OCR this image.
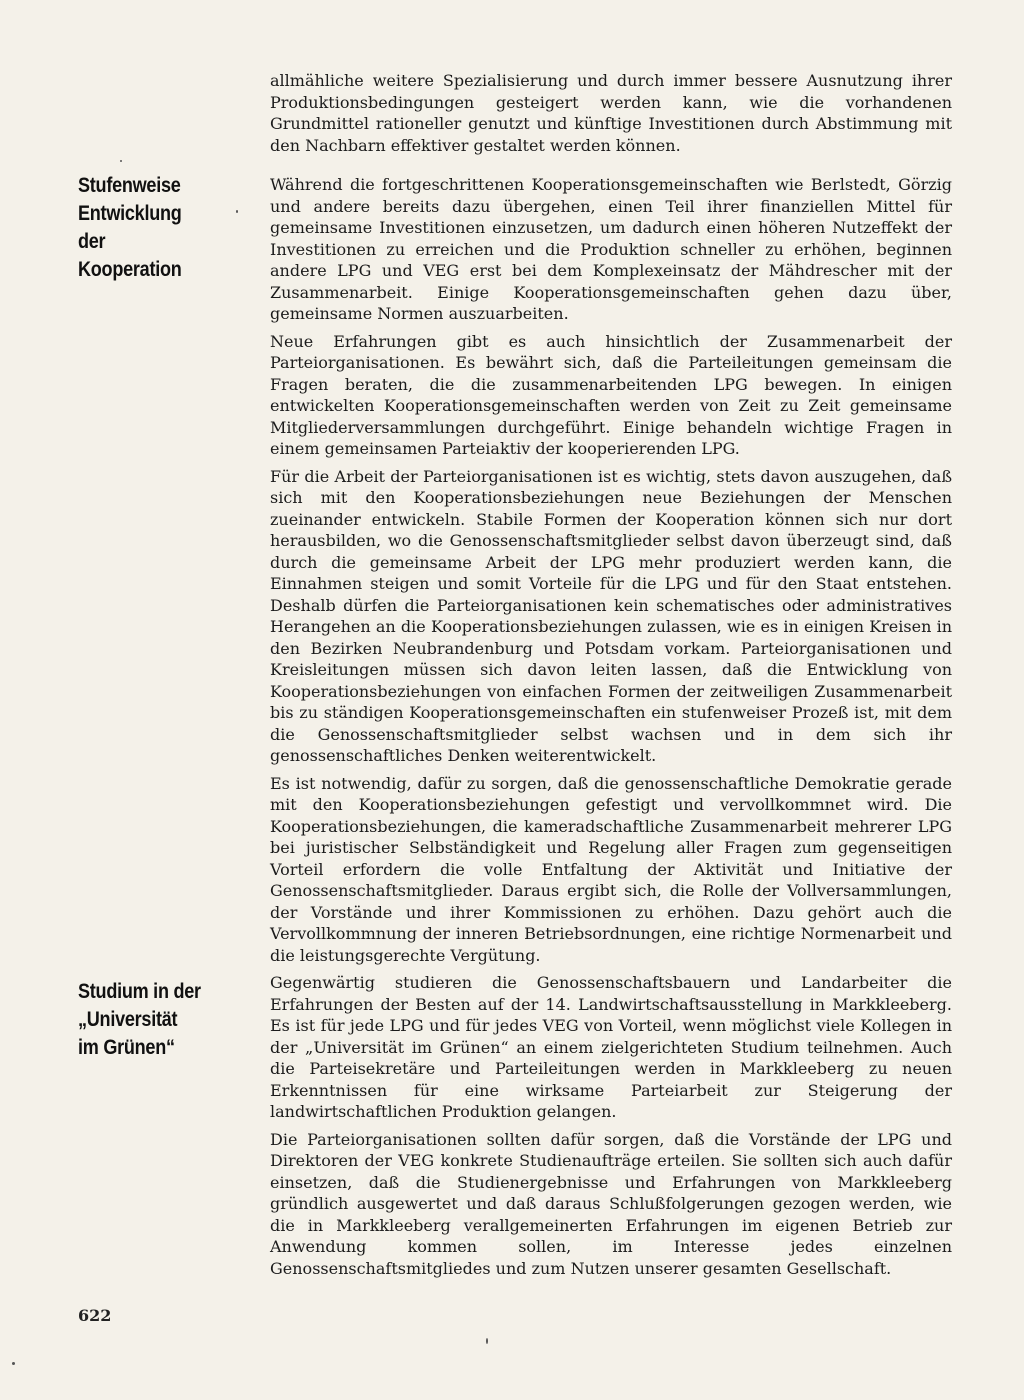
allmähliche weitere Spezialisierung und durch immer bessere Ausnutzung ihrer Produktionsbedingungen gesteigert werden kann, wie die vorhandenen Grundmittel rationeller genutzt und künftige Investitionen durch Abstimmung mit den Nachbarn effektiver gestaltet werden können.

Stufenweise
Entwicklung
der
Kooperation

Während die fortgeschrittenen Kooperationsgemeinschaften wie Berlstedt, Görzig und andere bereits dazu übergehen, einen Teil ihrer finanziellen Mittel für gemeinsame Investitionen einzusetzen, um dadurch einen höheren Nutzeffekt der Investitionen zu erreichen und die Produktion schneller zu erhöhen, beginnen andere LPG und VEG erst bei dem Komplexeinsatz der Mähdrescher mit der Zusammenarbeit. Einige Kooperationsgemeinschaften gehen dazu über, gemeinsame Normen auszuarbeiten.

Neue Erfahrungen gibt es auch hinsichtlich der Zusammenarbeit der Parteiorganisationen. Es bewährt sich, daß die Parteileitungen gemeinsam die Fragen beraten, die die zusammenarbeitenden LPG bewegen. In einigen entwickelten Kooperationsgemeinschaften werden von Zeit zu Zeit gemeinsame Mitgliederversammlungen durchgeführt. Einige behandeln wichtige Fragen in einem gemeinsamen Parteiaktiv der kooperierenden LPG.

Für die Arbeit der Parteiorganisationen ist es wichtig, stets davon auszugehen, daß sich mit den Kooperationsbeziehungen neue Beziehungen der Menschen zueinander entwickeln. Stabile Formen der Kooperation können sich nur dort herausbilden, wo die Genossenschaftsmitglieder selbst davon überzeugt sind, daß durch die gemeinsame Arbeit der LPG mehr produziert werden kann, die Einnahmen steigen und somit Vorteile für die LPG und für den Staat entstehen. Deshalb dürfen die Parteiorganisationen kein schematisches oder administratives Herangehen an die Kooperationsbeziehungen zulassen, wie es in einigen Kreisen in den Bezirken Neubrandenburg und Potsdam vorkam. Parteiorganisationen und Kreisleitungen müssen sich davon leiten lassen, daß die Entwicklung von Kooperationsbeziehungen von einfachen Formen der zeitweiligen Zusammenarbeit bis zu ständigen Kooperationsgemeinschaften ein stufenweiser Prozeß ist, mit dem die Genossenschaftsmitglieder selbst wachsen und in dem sich ihr genossenschaftliches Denken weiterentwickelt.

Es ist notwendig, dafür zu sorgen, daß die genossenschaftliche Demokratie gerade mit den Kooperationsbeziehungen gefestigt und vervollkommnet wird. Die Kooperationsbeziehungen, die kameradschaftliche Zusammenarbeit mehrerer LPG bei juristischer Selbständigkeit und Regelung aller Fragen zum gegenseitigen Vorteil erfordern die volle Entfaltung der Aktivität und Initiative der Genossenschaftsmitglieder. Daraus ergibt sich, die Rolle der Vollversammlungen, der Vorstände und ihrer Kommissionen zu erhöhen. Dazu gehört auch die Vervollkommnung der inneren Betriebsordnungen, eine richtige Normenarbeit und die leistungsgerechte Vergütung.

Studium in der
„Universität
im Grünen“

Gegenwärtig studieren die Genossenschaftsbauern und Landarbeiter die Erfahrungen der Besten auf der 14. Landwirtschaftsausstellung in Markkleeberg. Es ist für jede LPG und für jedes VEG von Vorteil, wenn möglichst viele Kollegen in der „Universität im Grünen“ an einem zielgerichteten Studium teilnehmen. Auch die Parteisekretäre und Parteileitungen werden in Markkleeberg zu neuen Erkenntnissen für eine wirksame Parteiarbeit zur Steigerung der landwirtschaftlichen Produktion gelangen.

Die Parteiorganisationen sollten dafür sorgen, daß die Vorstände der LPG und Direktoren der VEG konkrete Studienaufträge erteilen. Sie sollten sich auch dafür einsetzen, daß die Studienergebnisse und Erfahrungen von Markkleeberg gründlich ausgewertet und daß daraus Schlußfolgerungen gezogen werden, wie die in Markkleeberg verallgemeinerten Erfahrungen im eigenen Betrieb zur Anwendung kommen sollen, im Interesse jedes einzelnen Genossenschaftsmitgliedes und zum Nutzen unserer gesamten Gesellschaft.

622
